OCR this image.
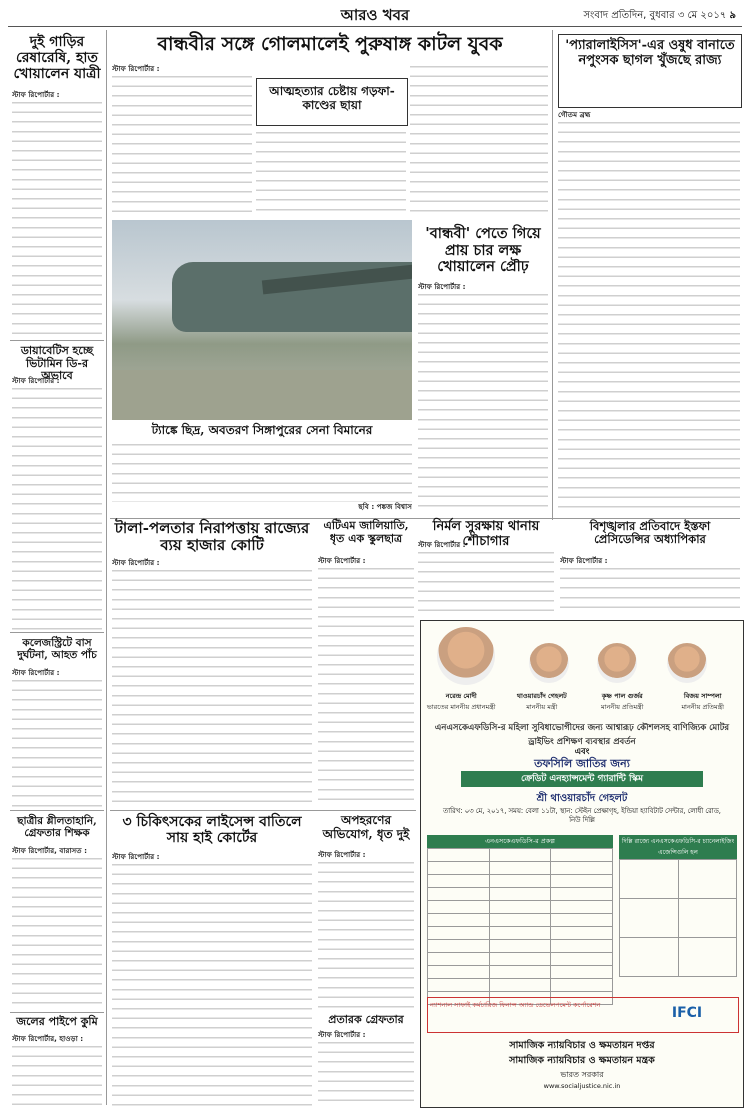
আরও খবর	সংবাদ প্রতিদিন, বুধবার ৩ মে ২০১৭ ৯
দুই গাড়ির রেষারেষি, হাত খোয়ালেন যাত্রী
স্টাফ রিপোর্টার :
ডায়াবেটিস হচ্ছে ভিটামিন ডি-র অভাবে
স্টাফ রিপোর্টার :
কলেজস্ট্রিটে বাস দুর্ঘটনা, আহত পাঁচ
স্টাফ রিপোর্টার :
ছাত্রীর শ্লীলতাহানি, গ্রেফতার শিক্ষক
স্টাফ রিপোর্টার, বারাসত :
জলের পাইপে কুমি
স্টাফ রিপোর্টার, হাওড়া :
বান্ধবীর সঙ্গে গোলমালেই পুরুষাঙ্গ কাটল যুবক
স্টাফ রিপোর্টার :
আত্মহত্যার চেষ্টায় গড়ফা-কাণ্ডের ছায়া
ট্যাঙ্কে ছিদ্র, অবতরণ সিঙ্গাপুরের সেনা বিমানের
ছবি : পঙ্কজ বিশ্বাস
'বান্ধবী' পেতে গিয়ে প্রায় চার লক্ষ খোয়ালেন প্রৌঢ়
স্টাফ রিপোর্টার :
'প্যারালাইসিস'-এর ওষুধ বানাতে নপুংসক ছাগল খুঁজছে রাজ্য
গৌতম ব্রহ্ম
টালা-পলতার নিরাপত্তায় রাজ্যের ব্যয় হাজার কোটি
স্টাফ রিপোর্টার :
এটিএম জালিয়াতি, ধৃত এক স্কুলছাত্র
স্টাফ রিপোর্টার :
নির্মল সুরক্ষায় থানায় শৌচাগার
স্টাফ রিপোর্টার :
বিশৃঙ্খলার প্রতিবাদে ইস্তফা প্রেসিডেন্সির অধ্যাপিকার
স্টাফ রিপোর্টার :
৩ চিকিৎসকের লাইসেন্স বাতিলে সায় হাই কোর্টের
স্টাফ রিপোর্টার :
অপহরণের অভিযোগ, ধৃত দুই
স্টাফ রিপোর্টার :
প্রতারক গ্রেফতার
স্টাফ রিপোর্টার :
নরেন্দ্র মোদী
ভারতের মাননীয় প্রধানমন্ত্রী
থাওয়ারচাঁদ গেহলট
মাননীয় মন্ত্রী
কৃষ্ণ পাল গুর্জর
মাননীয় প্রতিমন্ত্রী
বিজয় সাম্পলা
মাননীয় প্রতিমন্ত্রী
এনএসকেএফডিসি-র মহিলা সুবিধাভোগীদের জন্য আশ্বারূঢ় কৌশলসহ বাণিজ্যিক মোটর ড্রাইভিং প্রশিক্ষণ ব্যবস্থার প্রবর্তন
এবং
তফসিলি জাতির জন্য
ক্রেডিট এনহ্যান্সমেন্ট গ্যারান্টি স্কিম
শ্রী থাওয়ারচাঁদ গেহলট
তারিখ: ০৩ মে, ২০১৭, সময়: বেলা ১১টা, স্থান: স্টেইন প্রেক্ষাগৃহ, ইন্ডিয়া হ্যাবিটাট সেন্টার, লোধী রোড, নিউ দিল্লি
এনএসকেএফডিসি-র প্রকল্প

			দিল্লি রাজ্যে এনএসকেএফডিসি-র চ্যানেলাইজিং এজেন্সিগুলি হল

ন্যাশনাল সাফাই কর্মচারিজ ফিনান্স অ্যান্ড ডেভেলপমেন্ট কর্পোরেশন	IFCI
সামাজিক ন্যায়বিচার ও ক্ষমতায়ন দপ্তর
সামাজিক ন্যায়বিচার ও ক্ষমতায়ন মন্ত্রক
ভারত সরকার
www.socialjustice.nic.in
